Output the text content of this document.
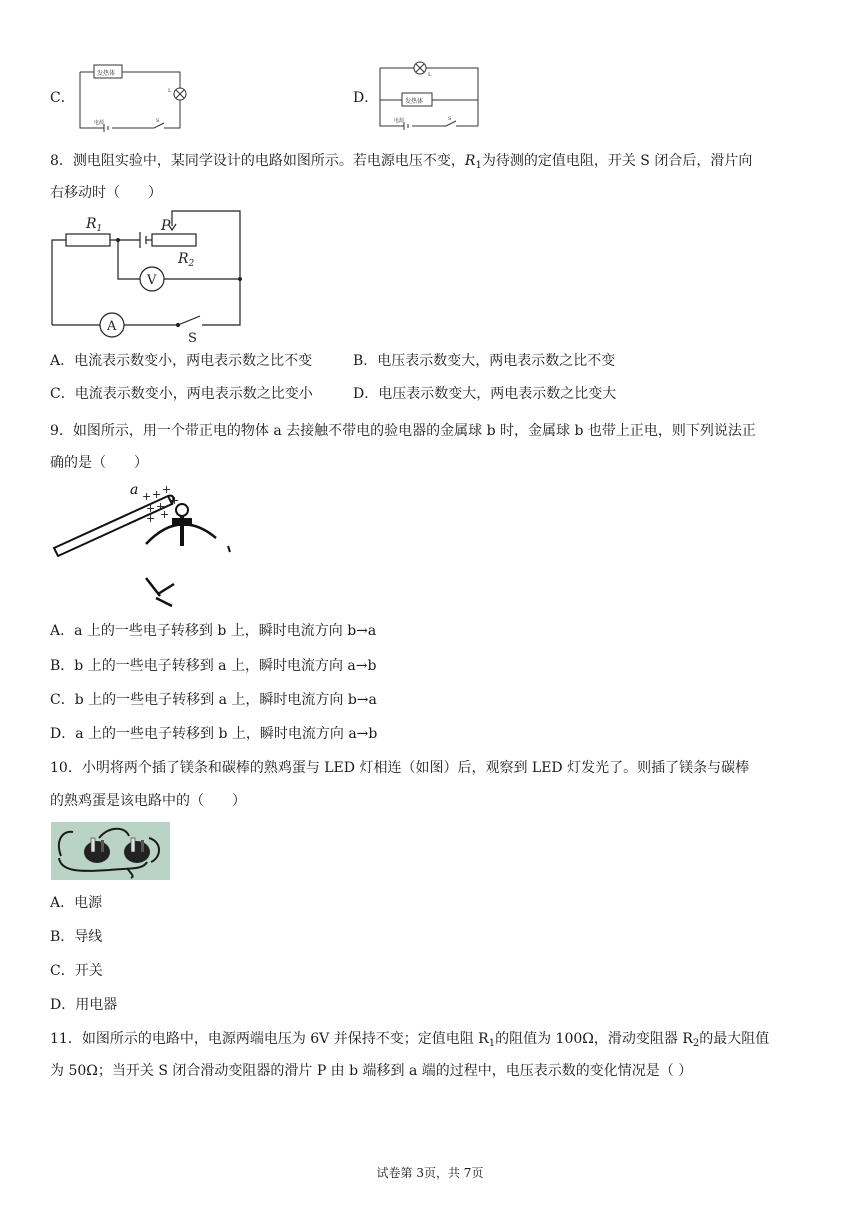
C．
发热体
L
电源	S
D．	发热体
L
电源	S
8．测电阻实验中，某同学设计的电路如图所示。若电源电压不变，$R_1$为待测的定值电阻，开关 S 闭合后，滑片向
右移动时（　　）
$R_1$	P
$R_2$
V
A
S
A．电流表示数变小，两电表示数之比不变	B．电压表示数变大，两电表示数之比不变
C．电流表示数变小，两电表示数之比变小	D．电压表示数变大，两电表示数之比变大
9．如图所示，用一个带正电的物体 a 去接触不带电的验电器的金属球 b 时，金属球 b 也带上正电，则下列说法正
确的是（　　）
a + + +
+ + +
+ +
A．a 上的一些电子转移到 b 上，瞬时电流方向 b→a
B．b 上的一些电子转移到 a 上，瞬时电流方向 a→b
C．b 上的一些电子转移到 a 上，瞬时电流方向 b→a
D．a 上的一些电子转移到 b 上，瞬时电流方向 a→b
10．小明将两个插了镁条和碳棒的熟鸡蛋与 LED 灯相连（如图）后，观察到 LED 灯发光了。则插了镁条与碳棒
的熟鸡蛋是该电路中的（　　）
A．电源
B．导线
C．开关
D．用电器
11．如图所示的电路中，电源两端电压为 6V 并保持不变；定值电阻 $R_1$的阻值为 100Ω，滑动变阻器 $R_2$的最大阻值
为 50Ω；当开关 S 闭合滑动变阻器的滑片 P 由 b 端移到 a 端的过程中，电压表示数的变化情况是（ ）
试卷第 3页，共 7页
